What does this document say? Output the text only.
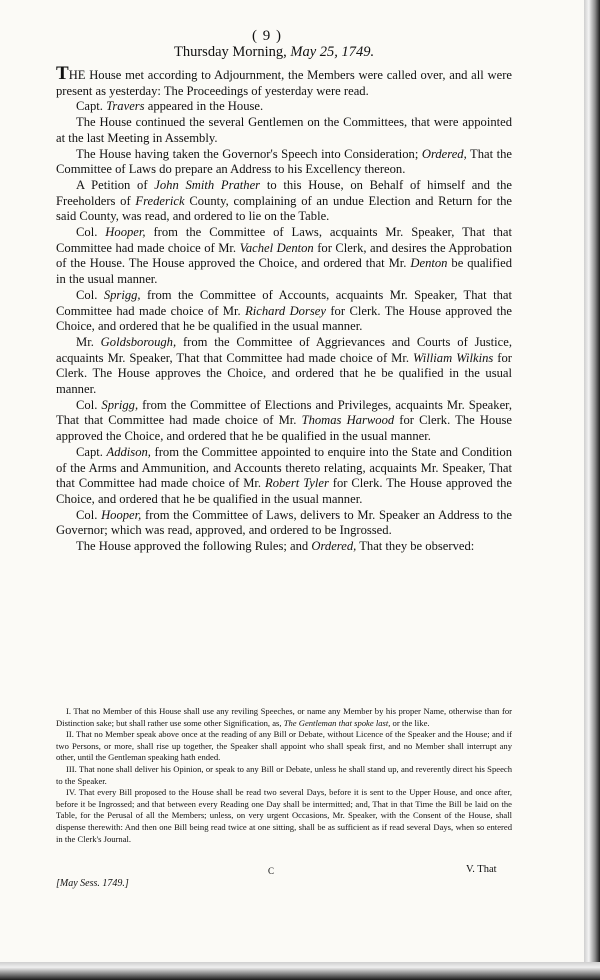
( 9 )
Thursday Morning, May 25, 1749.

THE House met according to Adjournment, the Members were called over, and all were present as yesterday: The Proceedings of yesterday were read.

Capt. Travers appeared in the House.

The House continued the several Gentlemen on the Committees, that were appointed at the last Meeting in Assembly.

The House having taken the Governor's Speech into Consideration; Ordered, That the Committee of Laws do prepare an Address to his Excellency thereon.

A Petition of John Smith Prather to this House, on Behalf of himself and the Freeholders of Frederick County, complaining of an undue Election and Return for the said County, was read, and ordered to lie on the Table.

Col. Hooper, from the Committee of Laws, acquaints Mr. Speaker, That that Committee had made choice of Mr. Vachel Denton for Clerk, and desires the Approbation of the House. The House approved the Choice, and ordered that Mr. Denton be qualified in the usual manner.

Col. Sprigg, from the Committee of Accounts, acquaints Mr. Speaker, That that Committee had made choice of Mr. Richard Dorsey for Clerk. The House approved the Choice, and ordered that he be qualified in the usual manner.

Mr. Goldsborough, from the Committee of Aggrievances and Courts of Justice, acquaints Mr. Speaker, That that Committee had made choice of Mr. William Wilkins for Clerk. The House approves the Choice, and ordered that he be qualified in the usual manner.

Col. Sprigg, from the Committee of Elections and Privileges, acquaints Mr. Speaker, That that Committee had made choice of Mr. Thomas Harwood for Clerk. The House approved the Choice, and ordered that he be qualified in the usual manner.

Capt. Addison, from the Committee appointed to enquire into the State and Condition of the Arms and Ammunition, and Accounts thereto relating, acquaints Mr. Speaker, That that Committee had made choice of Mr. Robert Tyler for Clerk. The House approved the Choice, and ordered that he be qualified in the usual manner.

Col. Hooper, from the Committee of Laws, delivers to Mr. Speaker an Address to the Governor; which was read, approved, and ordered to be Ingrossed.

The House approved the following Rules; and Ordered, That they be observed:

I. That no Member of this House shall use any reviling Speeches, or name any Member by his proper Name, otherwise than for Distinction sake; but shall rather use some other Signification, as, The Gentleman that spoke last, or the like.

II. That no Member speak above once at the reading of any Bill or Debate, without Licence of the Speaker and the House; and if two Persons, or more, shall rise up together, the Speaker shall appoint who shall speak first, and no Member shall interrupt any other, until the Gentleman speaking hath ended.

III. That none shall deliver his Opinion, or speak to any Bill or Debate, unless he shall stand up, and reverently direct his Speech to the Speaker.

IV. That every Bill proposed to the House shall be read two several Days, before it is sent to the Upper House, and once after, before it be Ingrossed; and that between every Reading one Day shall be intermitted; and, That in that Time the Bill be laid on the Table, for the Perusal of all the Members; unless, on very urgent Occasions, Mr. Speaker, with the Consent of the House, shall dispense therewith: And then one Bill being read twice at one sitting, shall be as sufficient as if read several Days, when so entered in the Clerk's Journal.

C	V. That
[May Sess. 1749.]
